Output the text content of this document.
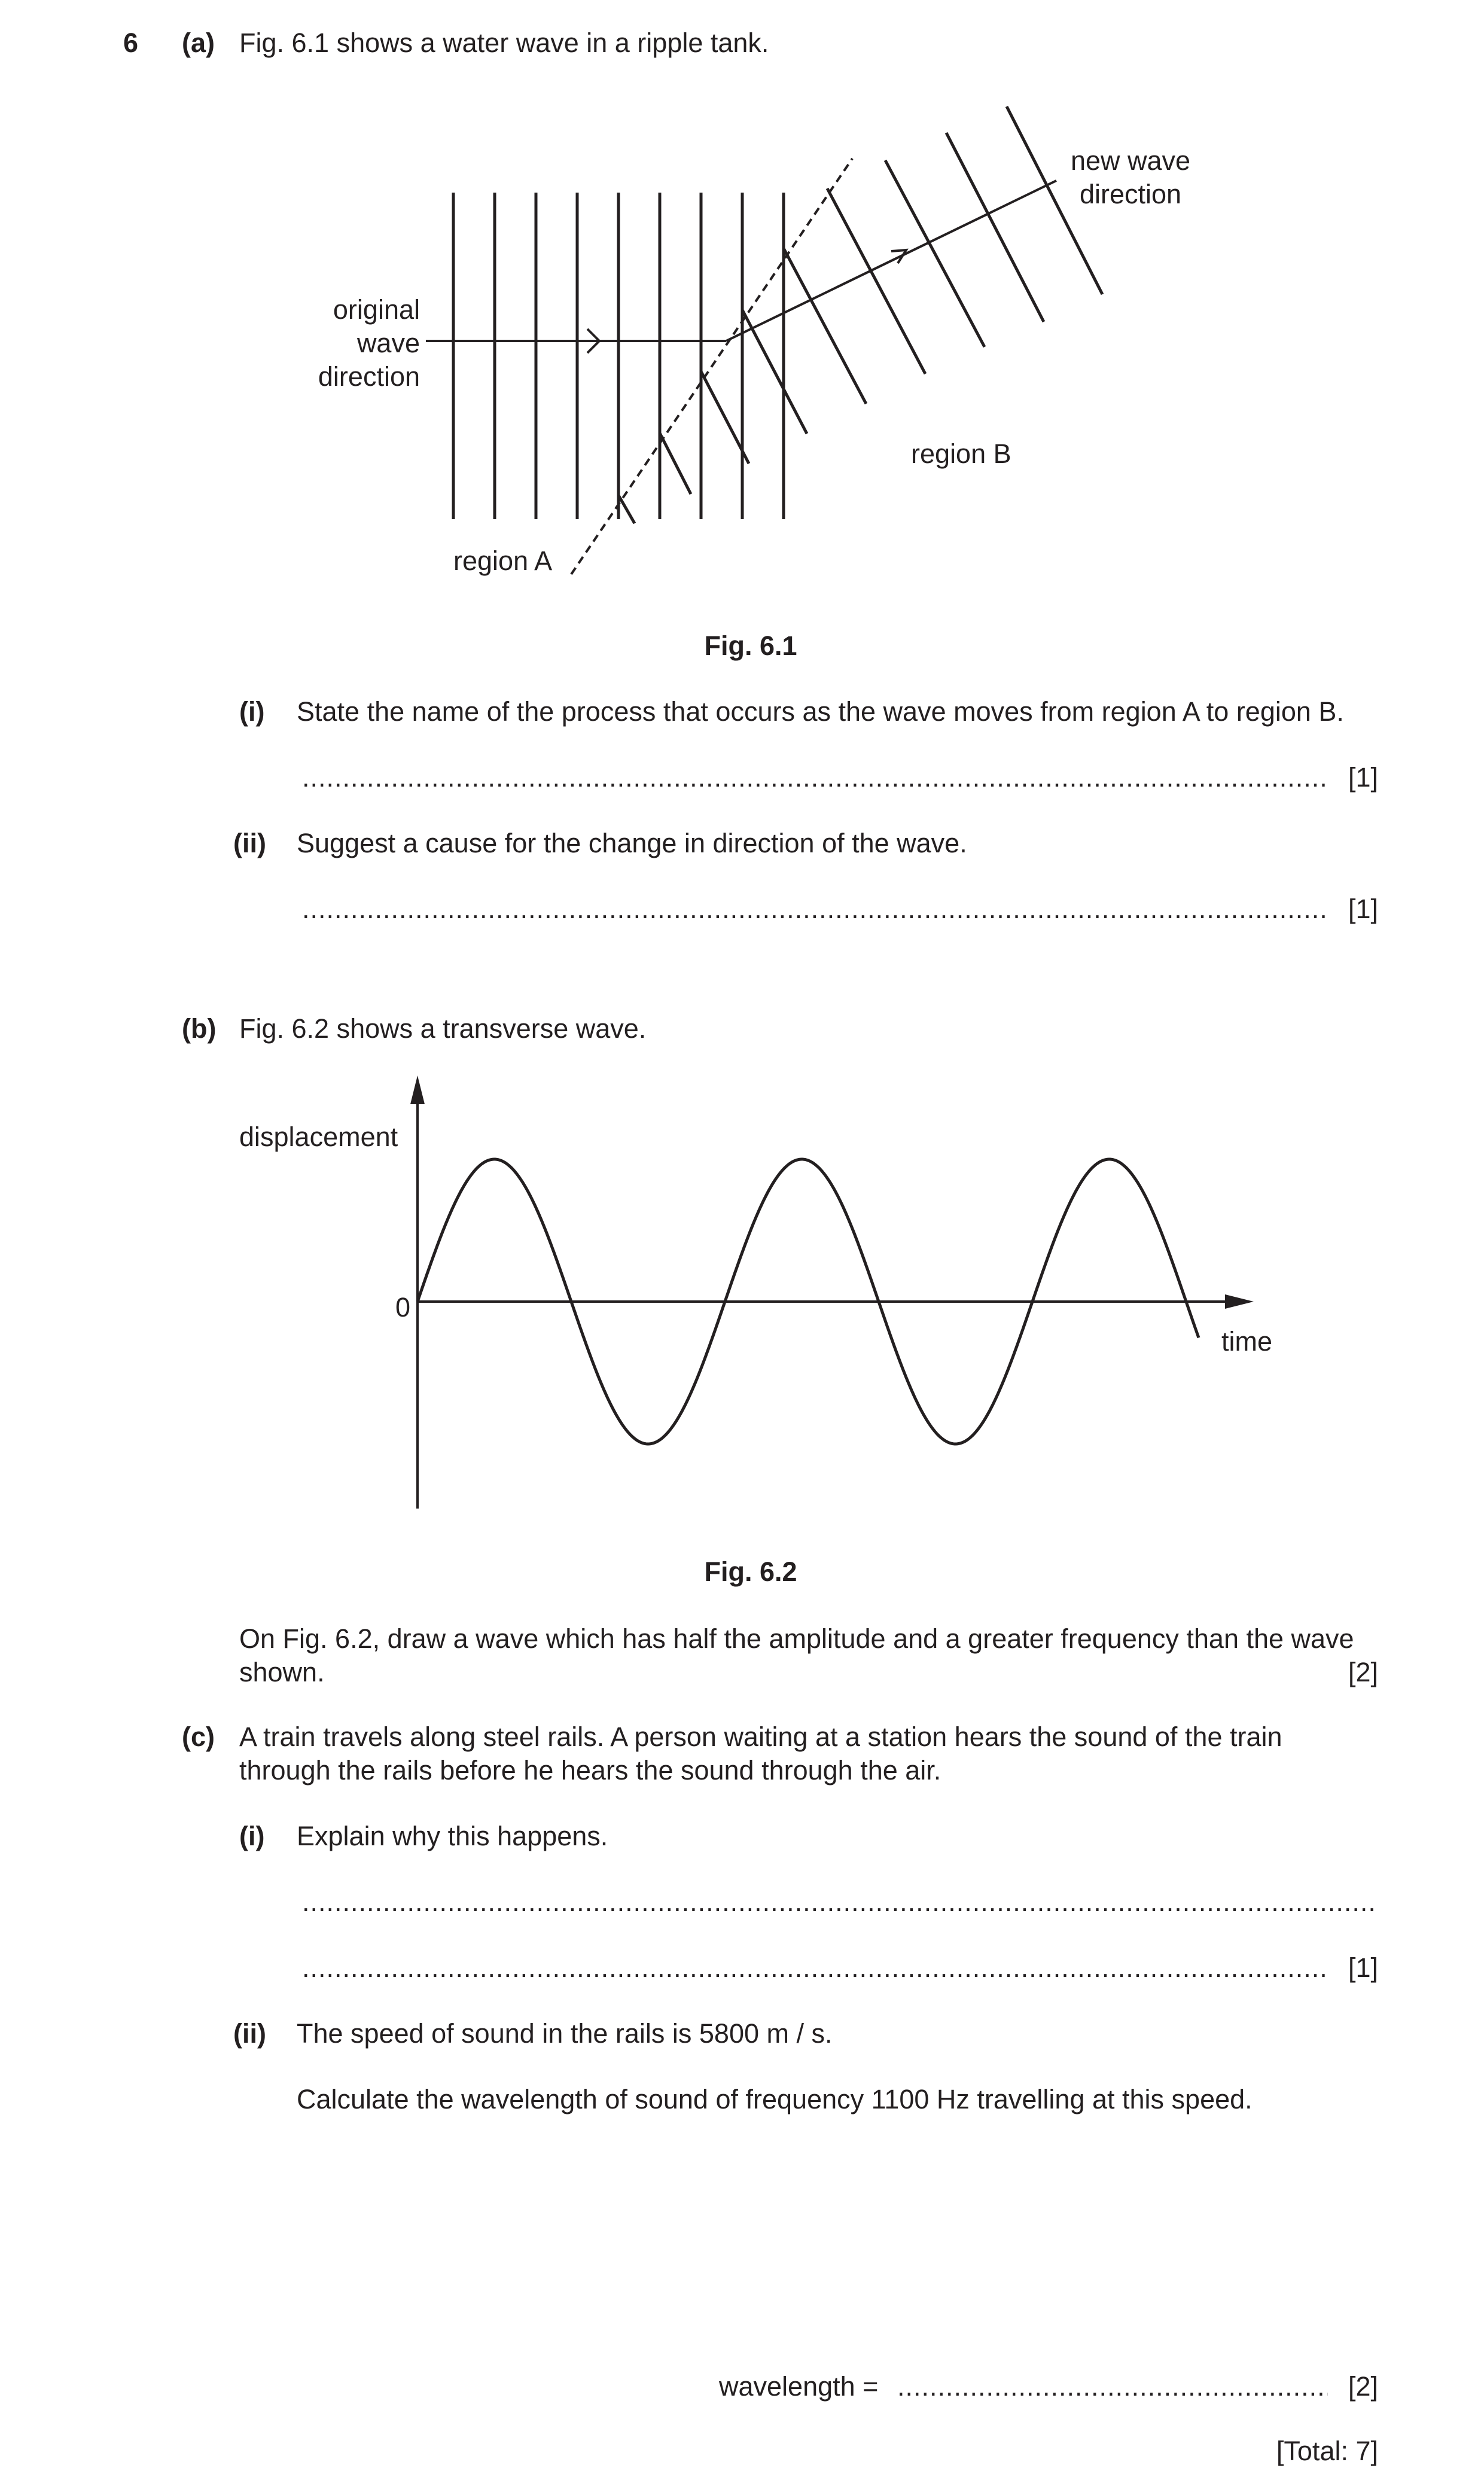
6 (a) Fig. 6.1 shows a water wave in a ripple tank.
original
wave
direction
new wave
direction
region A
region B
Fig. 6.1
(i) State the name of the process that occurs as the wave moves from region A to region B.
.....
[1]
(ii) Suggest a cause for the change in direction of the wave.
.....
[1]
(b) Fig. 6.2 shows a transverse wave.
displacement
time
0
Fig. 6.2
On Fig. 6.2, draw a wave which has half the amplitude and a greater frequency than the wave
shown.	[2]
(c) A train travels along steel rails. A person waiting at a station hears the sound of the train
through the rails before he hears the sound through the air.
(i) Explain why this happens.
.....
.....
[1]
(ii) The speed of sound in the rails is 5800 m / s.
Calculate the wavelength of sound of frequency 1100 Hz travelling at this speed.
wavelength =
.....	[2]
[Total: 7]
